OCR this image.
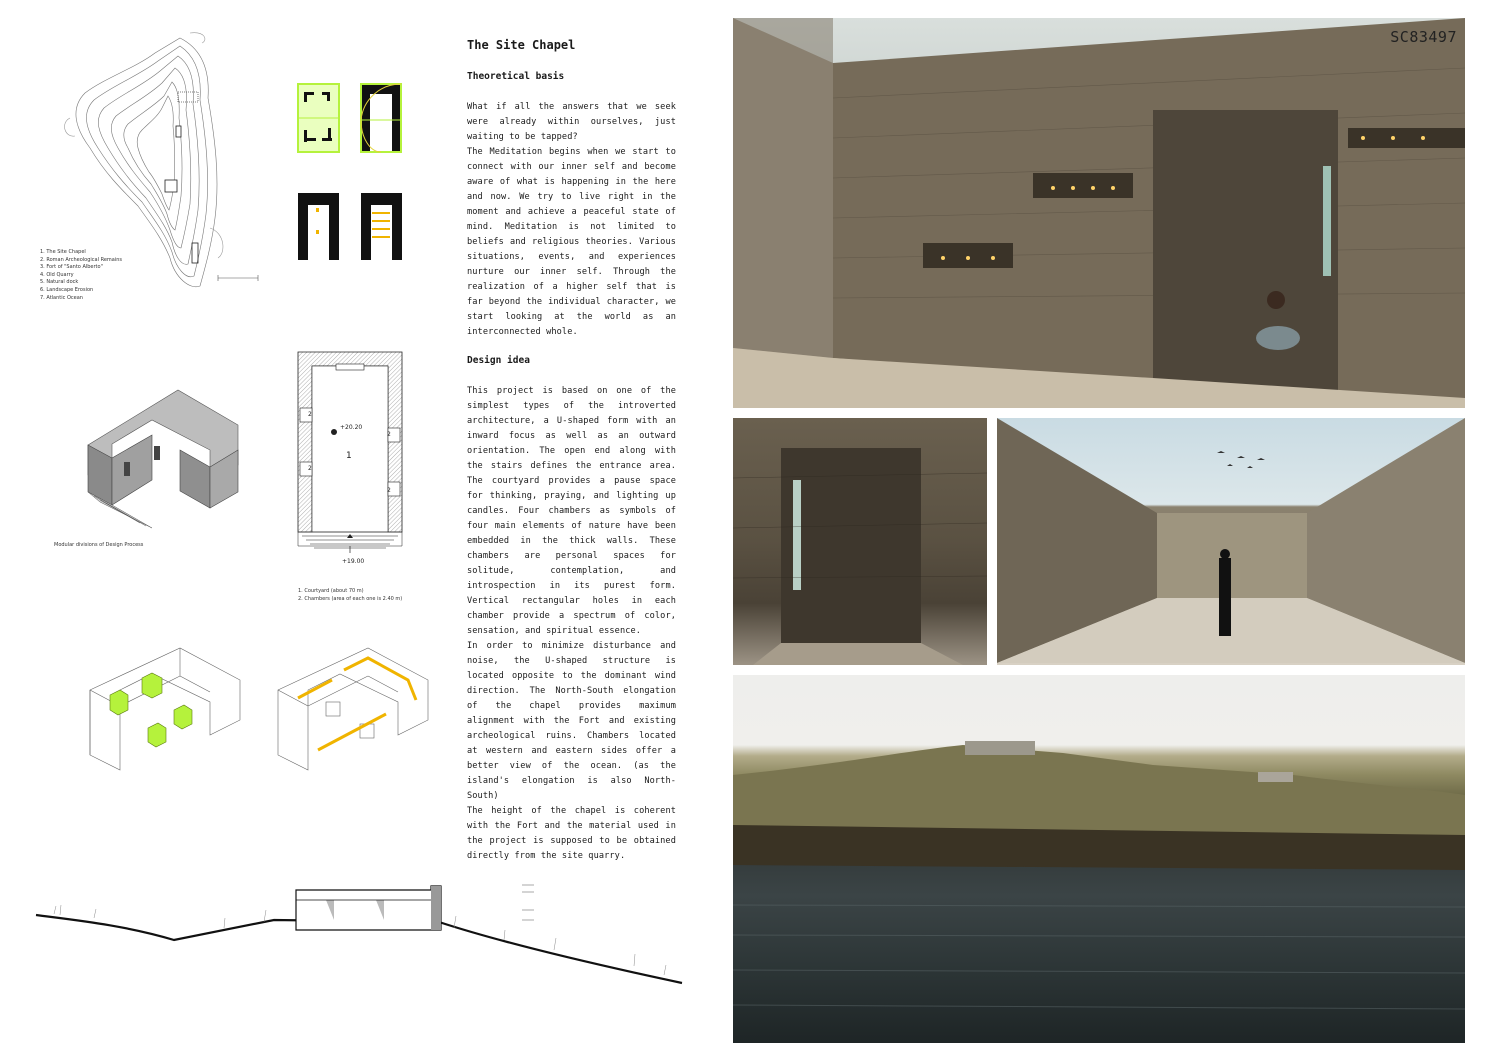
1. The Site Chapel
2. Roman Archeological Remains
3. Fort of "Santo Alberto"
4. Old Quarry
5. Natural dock
6. Landscape Erosion
7. Atlantic Ocean
Modular divisions of Design Process
+20.20
+19.00
1
2
2
2
2
1. Courtyard (about 70 m)
2. Chambers (area of each one is 2.40 m)
The Site Chapel
Theoretical basis

What if all the answers that we seek were already within ourselves, just waiting to be tapped?

The Meditation begins when we start to connect with our inner self and become aware of what is happening in the here and now. We try to live right in the moment and achieve a peaceful state of mind. Meditation is not limited to beliefs and religious theories. Various situations, events, and experiences nurture our inner self. Through the realization of a higher self that is far beyond the individual character, we start looking at the world as an interconnected whole.

Design idea

This project is based on one of the simplest types of the introverted architecture, a U-shaped form with an inward focus as well as an outward orientation. The open end along with the stairs defines the entrance area. The courtyard provides a pause space for thinking, praying, and lighting up candles. Four chambers as symbols of four main elements of nature have been embedded in the thick walls. These chambers are personal spaces for solitude, contemplation, and introspection in its purest form. Vertical rectangular holes in each chamber provide a spectrum of color, sensation, and spiritual essence.

In order to minimize disturbance and noise, the U-shaped structure is located opposite to the dominant wind direction. The North-South elongation of the chapel provides maximum alignment with the Fort and existing archeological ruins. Chambers located at western and eastern sides offer a better view of the ocean. (as the island's elongation is also North-South)

The height of the chapel is coherent with the Fort and the material used in the project is supposed to be obtained directly from the site quarry.

SC83497
